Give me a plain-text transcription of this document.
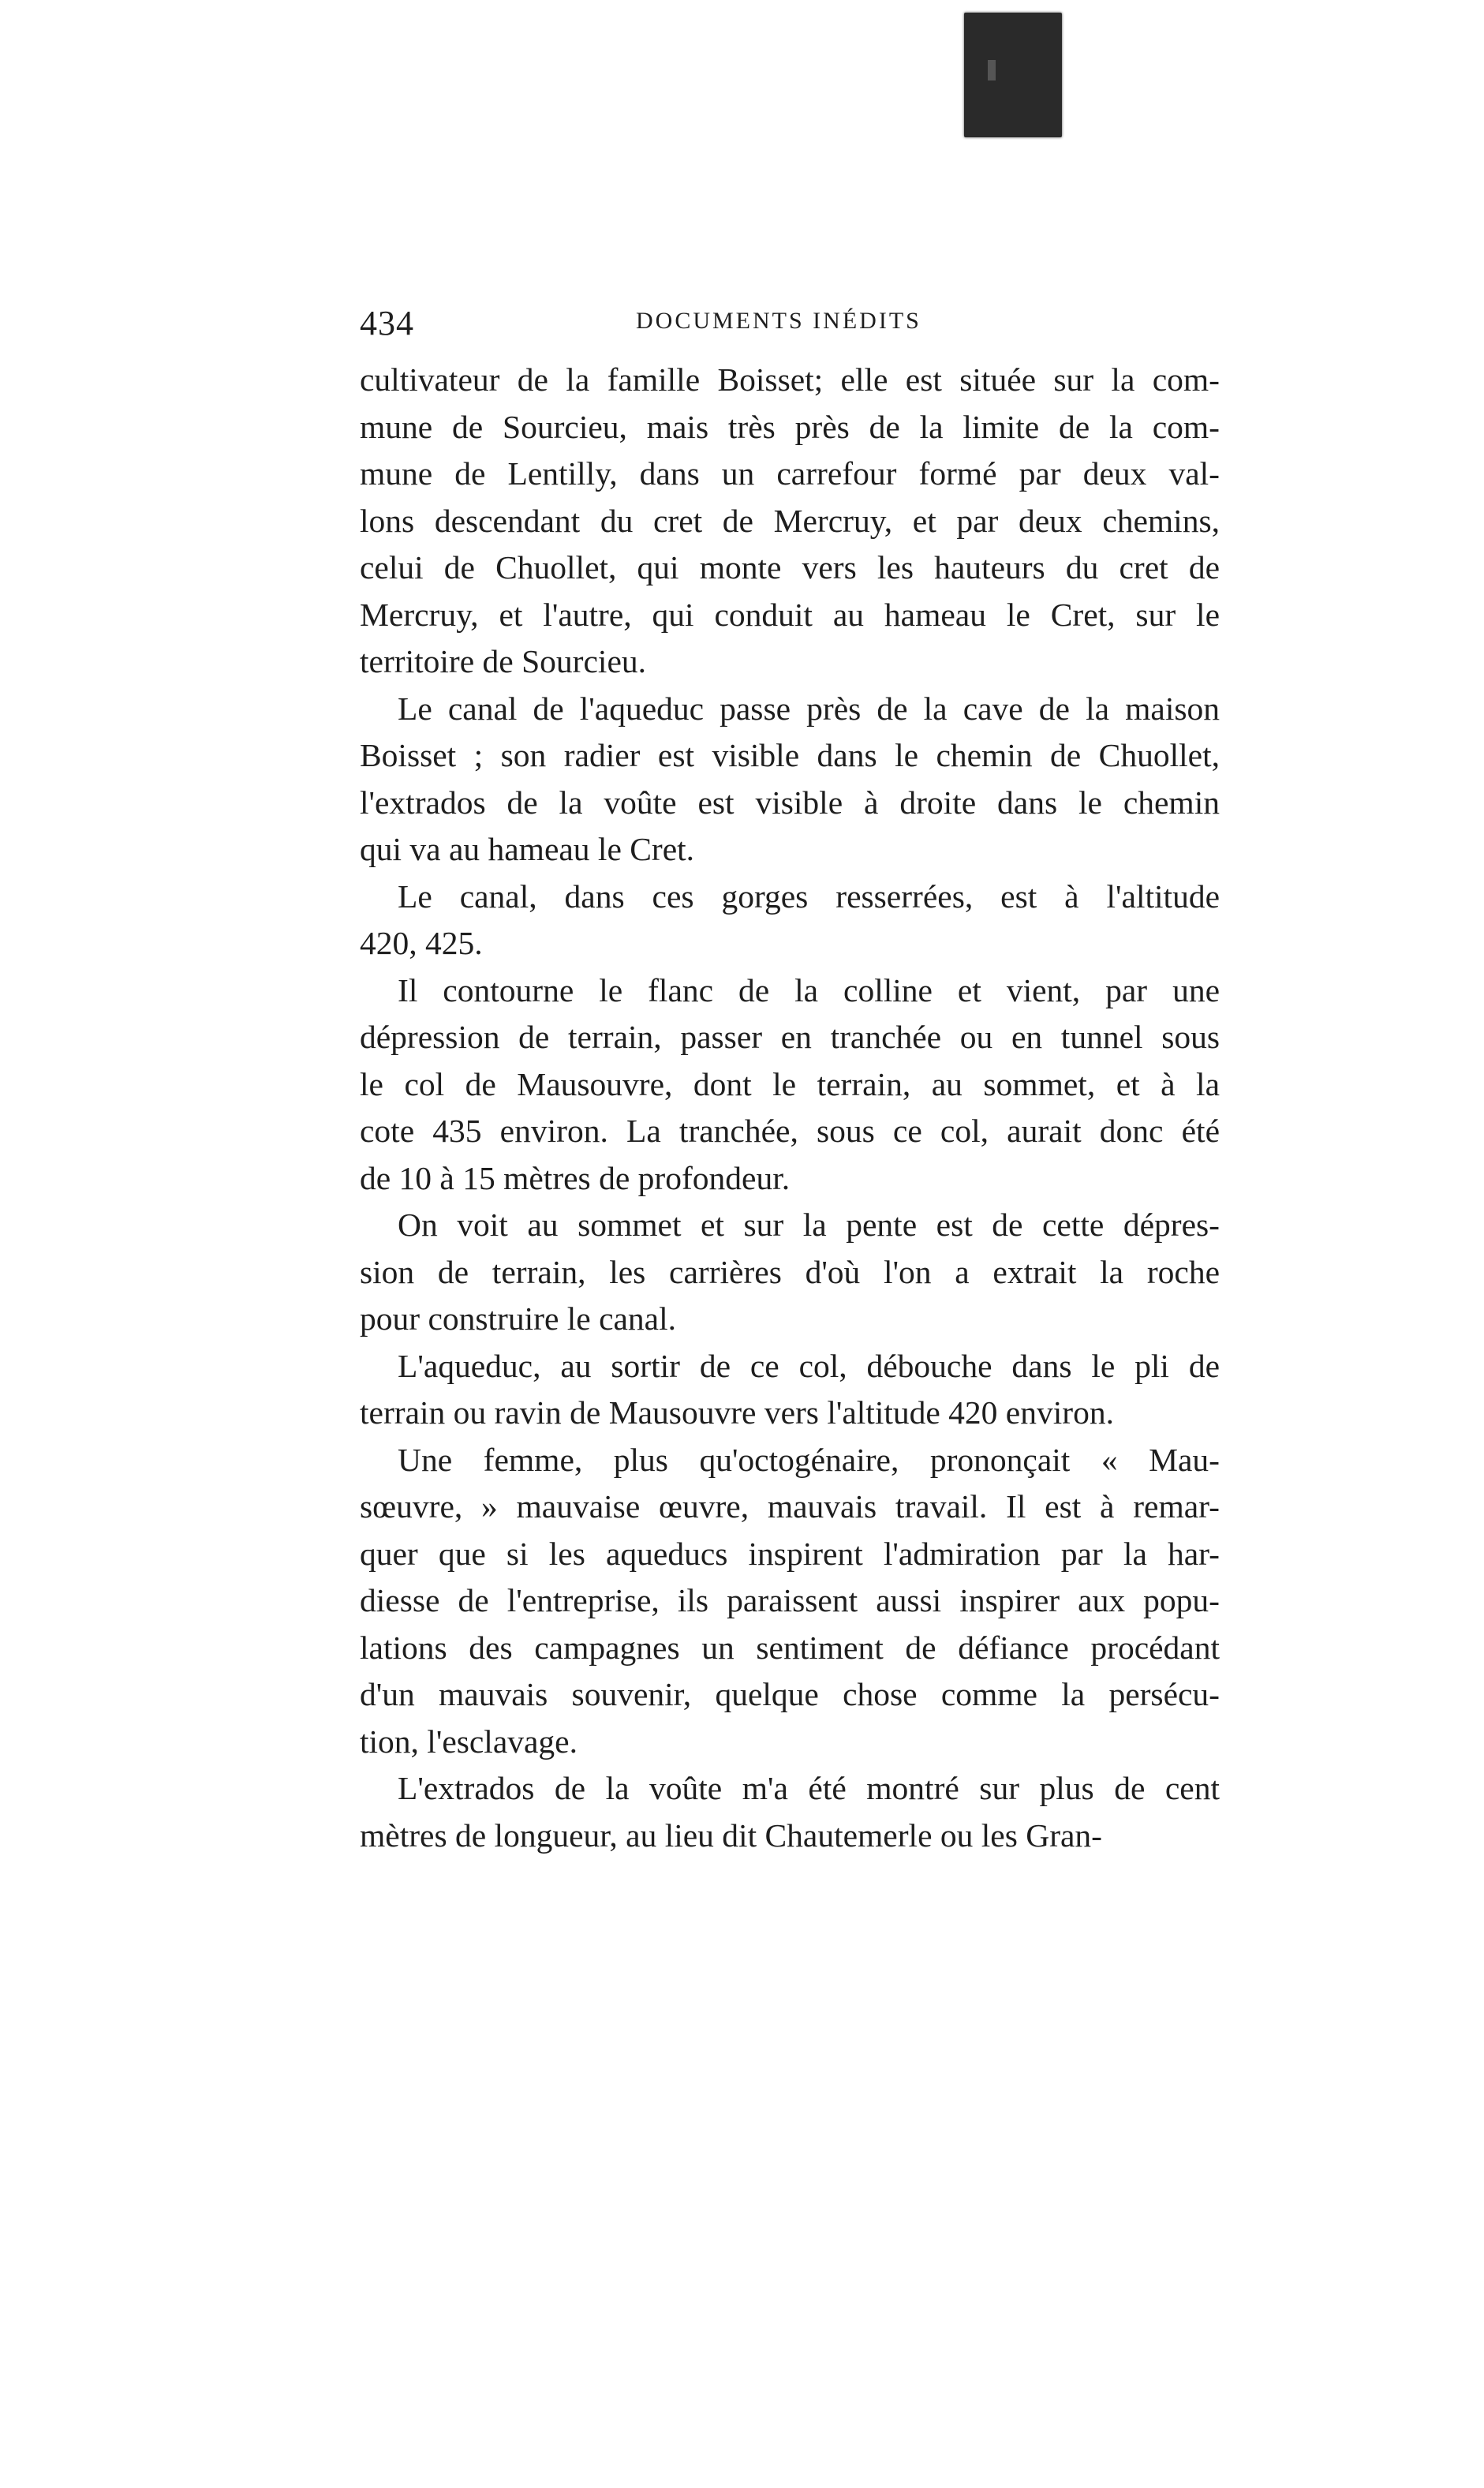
434	DOCUMENTS INÉDITS

cultivateur de la famille Boisset; elle est située sur la com-
mune de Sourcieu, mais très près de la limite de la com-
mune de Lentilly, dans un carrefour formé par deux val-
lons descendant du cret de Mercruy, et par deux chemins,
celui de Chuollet, qui monte vers les hauteurs du cret de
Mercruy, et l'autre, qui conduit au hameau le Cret, sur le
territoire de Sourcieu.

Le canal de l'aqueduc passe près de la cave de la maison
Boisset ; son radier est visible dans le chemin de Chuollet,
l'extrados de la voûte est visible à droite dans le chemin
qui va au hameau le Cret.

Le canal, dans ces gorges resserrées, est à l'altitude
420, 425.

Il contourne le flanc de la colline et vient, par une
dépression de terrain, passer en tranchée ou en tunnel sous
le col de Mausouvre, dont le terrain, au sommet, et à la
cote 435 environ. La tranchée, sous ce col, aurait donc été
de 10 à 15 mètres de profondeur.

On voit au sommet et sur la pente est de cette dépres-
sion de terrain, les carrières d'où l'on a extrait la roche
pour construire le canal.

L'aqueduc, au sortir de ce col, débouche dans le pli de
terrain ou ravin de Mausouvre vers l'altitude 420 environ.

Une femme, plus qu'octogénaire, prononçait « Mau-
sœuvre, » mauvaise œuvre, mauvais travail. Il est à remar-
quer que si les aqueducs inspirent l'admiration par la har-
diesse de l'entreprise, ils paraissent aussi inspirer aux popu-
lations des campagnes un sentiment de défiance procédant
d'un mauvais souvenir, quelque chose comme la persécu-
tion, l'esclavage.

L'extrados de la voûte m'a été montré sur plus de cent
mètres de longueur, au lieu dit Chautemerle ou les Gran-
